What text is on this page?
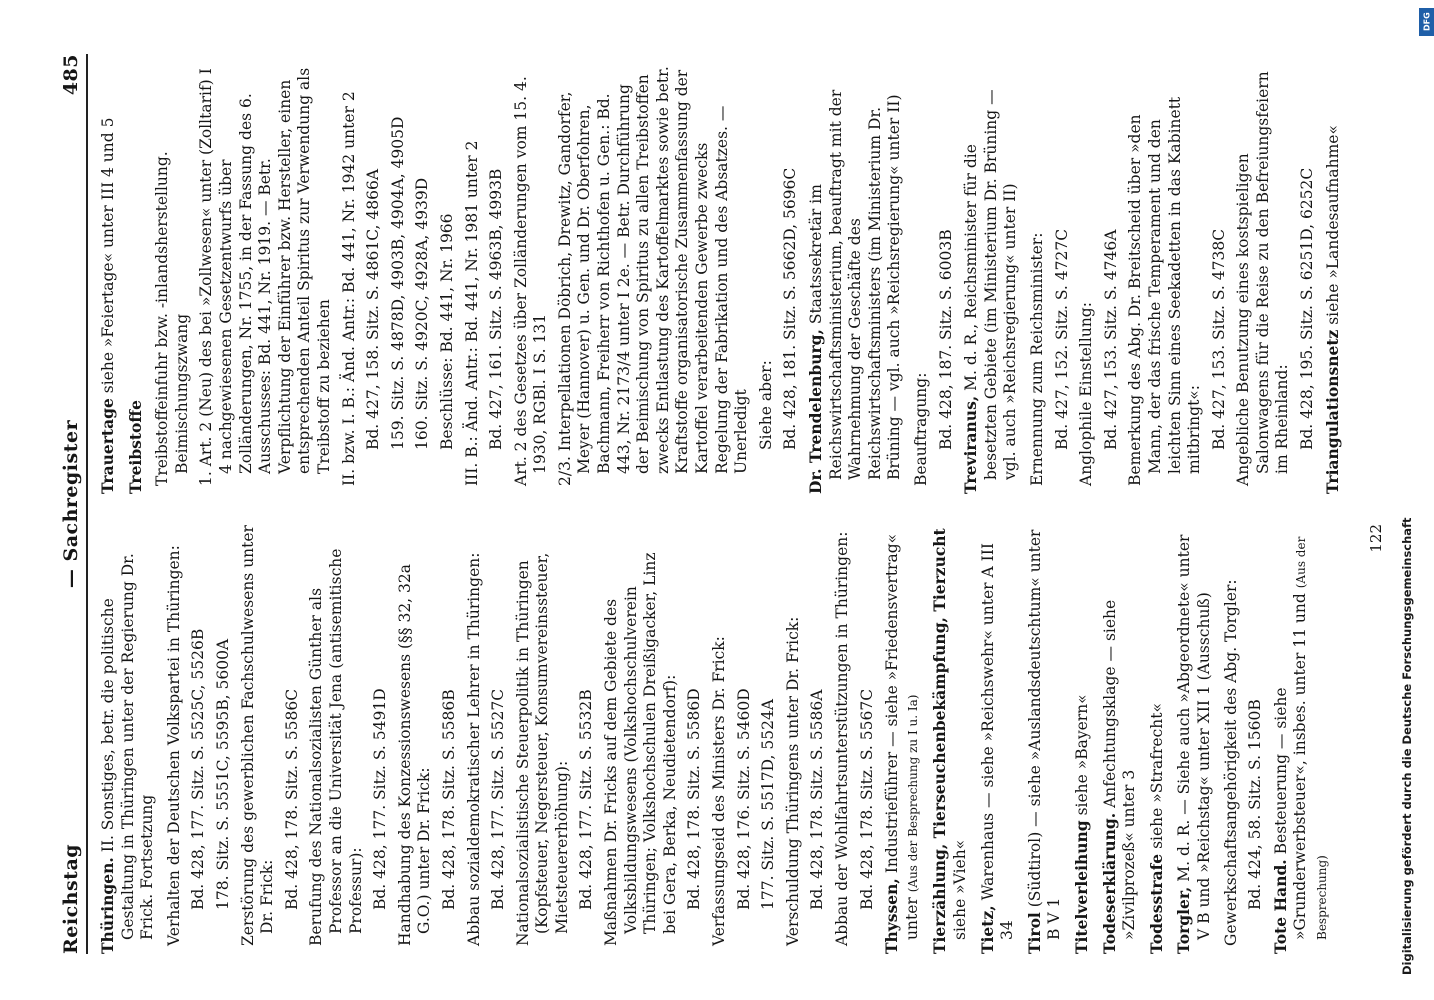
DFG
Digitalisierung gefördert durch die Deutsche Forschungsgemeinschaft
Reichstag
— Sachregister
485
Thüringen. II. Sonstiges, betr. die politische Gestaltung in Thüringen unter der Regierung Dr. Frick. Fortsetzung Verhalten der Deutschen Volkspartei in Thüringen: Bd. 428, 177. Sitz. S. 5525C, 5526B 178. Sitz. S. 5551C, 5595B, 5600A Zerstörung des gewerblichen Fachschulwesens unter Dr. Frick: Bd. 428, 178. Sitz. S. 5586C Berufung des Nationalsozialisten Günther als Professor an die Universität Jena (antisemitische Professur): Bd. 428, 177. Sitz. S. 5491D Handhabung des Konzessionswesens (§§ 32, 32a G.O.) unter Dr. Frick: Bd. 428, 178. Sitz. S. 5586B Abbau sozialdemokratischer Lehrer in Thüringen: Bd. 428, 177. Sitz. S. 5527C Nationalsozialistische Steuerpolitik in Thüringen (Kopfsteuer, Negersteuer, Konsumvereinssteuer, Mietsteuererhöhung): Bd. 428, 177. Sitz. S. 5532B Maßnahmen Dr. Fricks auf dem Gebiete des Volksbildungswesens (Volkshochschulverein Thüringen; Volkshochschulen Dreißigacker, Linz bei Gera, Berka, Neudietendorf): Bd. 428, 178. Sitz. S. 5586D Verfassungseid des Ministers Dr. Frick: Bd. 428, 176. Sitz. S. 5460D 177. Sitz. S. 5517D, 5524A Verschuldung Thüringens unter Dr. Frick: Bd. 428, 178. Sitz. S. 5586A Abbau der Wohlfahrtsunterstützungen in Thüringen: Bd. 428, 178. Sitz. S. 5567C
Thyssen, Industrieführer — siehe »Friedensvertrag« unter (Aus der Besprechung zu I u. Ia) Tierzählung, Tierseuchenbekämpfung, Tierzucht siehe »Vieh« Tietz, Warenhaus — siehe »Reichswehr« unter A III 34 Tirol (Südtirol) — siehe »Auslandsdeutschtum« unter B V 1 Titelverleihung siehe »Bayern«
Todeserklärung. Anfechtungsklage — siehe »Zivilprozeß« unter 3 Todesstrafe siehe »Strafrecht«
Torgler, M. d. R. — Siehe auch »Abgeordnete« unter V B und »Reichstag« unter XII 1 (Ausschuß) Gewerkschaftsangehörigkeit des Abg. Torgler: Bd. 424, 58. Sitz. S. 1560B Tote Hand. Besteuerung — siehe »Grunderwerbsteuer«, insbes. unter 11 und (Aus der Besprechung)
Trauertage siehe »Feiertage« unter III 4 und 5
Treibstoffe Treibstoffeinfuhr bzw. -inlandsherstellung. Beimischungszwang 1. Art. 2 (Neu) des bei »Zollwesen« unter (Zolltarif) I 4 nachgewiesenen Gesetzentwurfs über Zolländerungen, Nr. 1755, in der Fassung des 6. Ausschusses: Bd. 441, Nr. 1919. — Betr. Verpflichtung der Einführer bzw. Hersteller, einen entsprechenden Anteil Spiritus zur Verwendung als Treibstoff zu beziehen II. bzw. I. B.: Änd. Antr.: Bd. 441, Nr. 1942 unter 2 Bd. 427, 158. Sitz. S. 4861C, 4866A 159. Sitz. S. 4878D, 4903B, 4904A, 4905D 160. Sitz. S. 4920C, 4928A, 4939D Beschlüsse: Bd. 441, Nr. 1966 III. B.: Änd. Antr.: Bd. 441, Nr. 1981 unter 2 Bd. 427, 161. Sitz. S. 4963B, 4993B Art. 2 des Gesetzes über Zolländerungen vom 15. 4. 1930, RGBl. I S. 131 2/3. Interpellationen Döbrich, Drewitz, Gandorfer, Meyer (Hannover) u. Gen. und Dr. Oberfohren, Bachmann, Freiherr von Richthofen u. Gen.: Bd. 443, Nr. 2173/4 unter I 2e. — Betr. Durchführung der Beimischung von Spiritus zu allen Treibstoffen zwecks Entlastung des Kartoffelmarktes sowie betr. Kraftstoffe organisatorische Zusammenfassung der Kartoffel verarbeitenden Gewerbe zwecks Regelung der Fabrikation und des Absatzes. — Unerledigt Siehe aber: Bd. 428, 181. Sitz. S. 5662D, 5696C Dr. Trendelenburg, Staatssekretär im Reichswirtschaftsministerium, beauftragt mit der Wahrnehmung der Geschäfte des Reichswirtschaftsministers (im Ministerium Dr. Brüning — vgl. auch »Reichsregierung« unter II) Beauftragung: Bd. 428, 187. Sitz. S. 6003B Treviranus, M. d. R., Reichsminister für die besetzten Gebiete (im Ministerium Dr. Brüning — vgl. auch »Reichsregierung« unter II) Ernennung zum Reichsminister: Bd. 427, 152. Sitz. S. 4727C Anglophile Einstellung: Bd. 427, 153. Sitz. S. 4746A Bemerkung des Abg. Dr. Breitscheid über »den Mann, der das frische Temperament und den leichten Sinn eines Seekadetten in das Kabinett mitbringt«: Bd. 427, 153. Sitz. S. 4738C Angebliche Benutzung eines kostspieligen Salonwagens für die Reise zu den Befreiungsfeiern im Rheinland: Bd. 428, 195. Sitz. S. 6251D, 6252C Triangulationsnetz siehe »Landesaufnahme«
122
